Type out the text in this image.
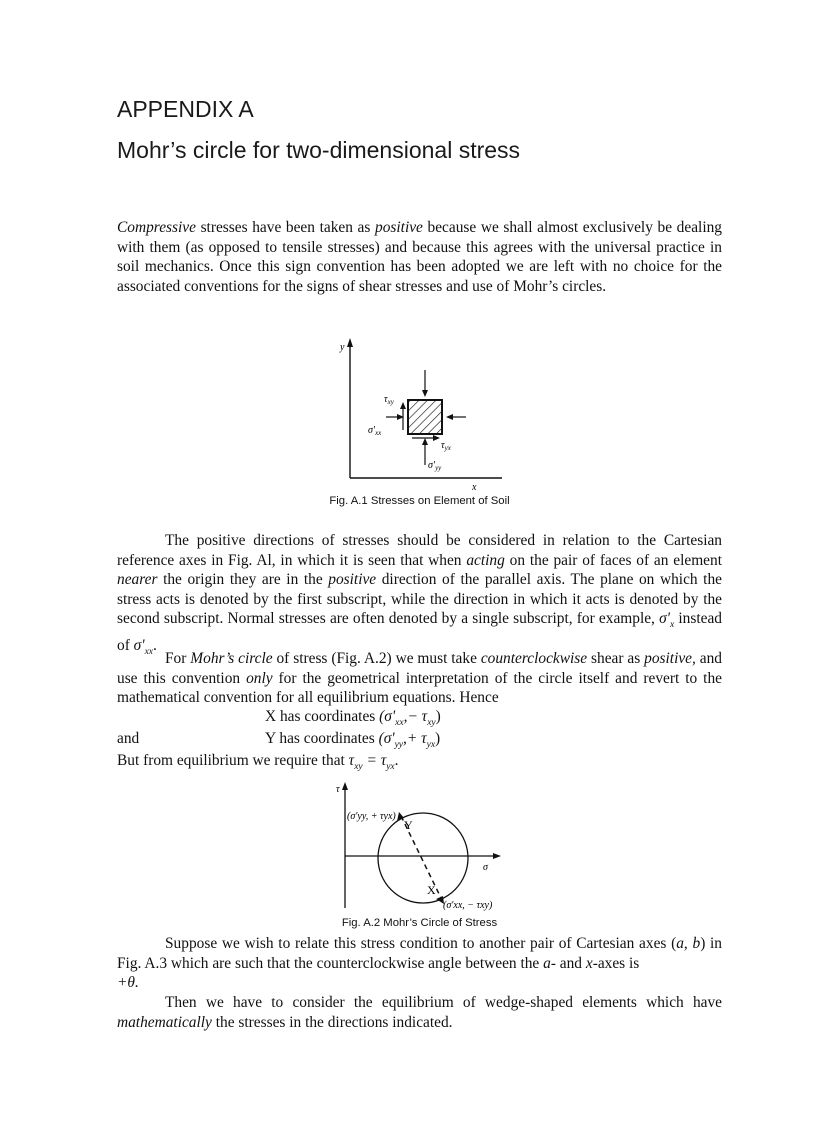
APPENDIX A
Mohr’s circle for two-dimensional stress

Compressive stresses have been taken as positive because we shall almost exclusively be dealing with them (as opposed to tensile stresses) and because this agrees with the universal practice in soil mechanics. Once this sign convention has been adopted we are left with no choice for the associated conventions for the signs of shear stresses and use of Mohr’s circles.

y
x
$\tau_{xy}$
$\sigma'_{xx}$
$\tau_{yx}$
$\sigma'_{yy}$

Fig. A.1 Stresses on Element of Soil

The positive directions of stresses should be considered in relation to the Cartesian reference axes in Fig. Al, in which it is seen that when acting on the pair of faces of an element nearer the origin they are in the positive direction of the parallel axis. The plane on which the stress acts is denoted by the first subscript, while the direction in which it acts is denoted by the second subscript. Normal stresses are often denoted by a single subscript, for example, $\sigma'_x$ instead of $\sigma'_{xx}$.

For Mohr’s circle of stress (Fig. A.2) we must take counterclockwise shear as positive, and use this convention only for the geometrical interpretation of the circle itself and revert to the mathematical convention for all equilibrium equations. Hence

X has coordinates $(\sigma'_{xx},- \tau_{xy})$

and	Y has coordinates $(\sigma'_{yy},+ \tau_{yx})$

But from equilibrium we require that $\tau_{xy} = \tau_{yx}$.

τ
σ
Y
X
(σ'yy, + τyx)
(σ'xx, − τxy)

Fig. A.2 Mohr’s Circle of Stress

Suppose we wish to relate this stress condition to another pair of Cartesian axes (a, b) in Fig. A.3 which are such that the counterclockwise angle between the a- and x-axes is
+θ.

Then we have to consider the equilibrium of wedge-shaped elements which have mathematically the stresses in the directions indicated.
